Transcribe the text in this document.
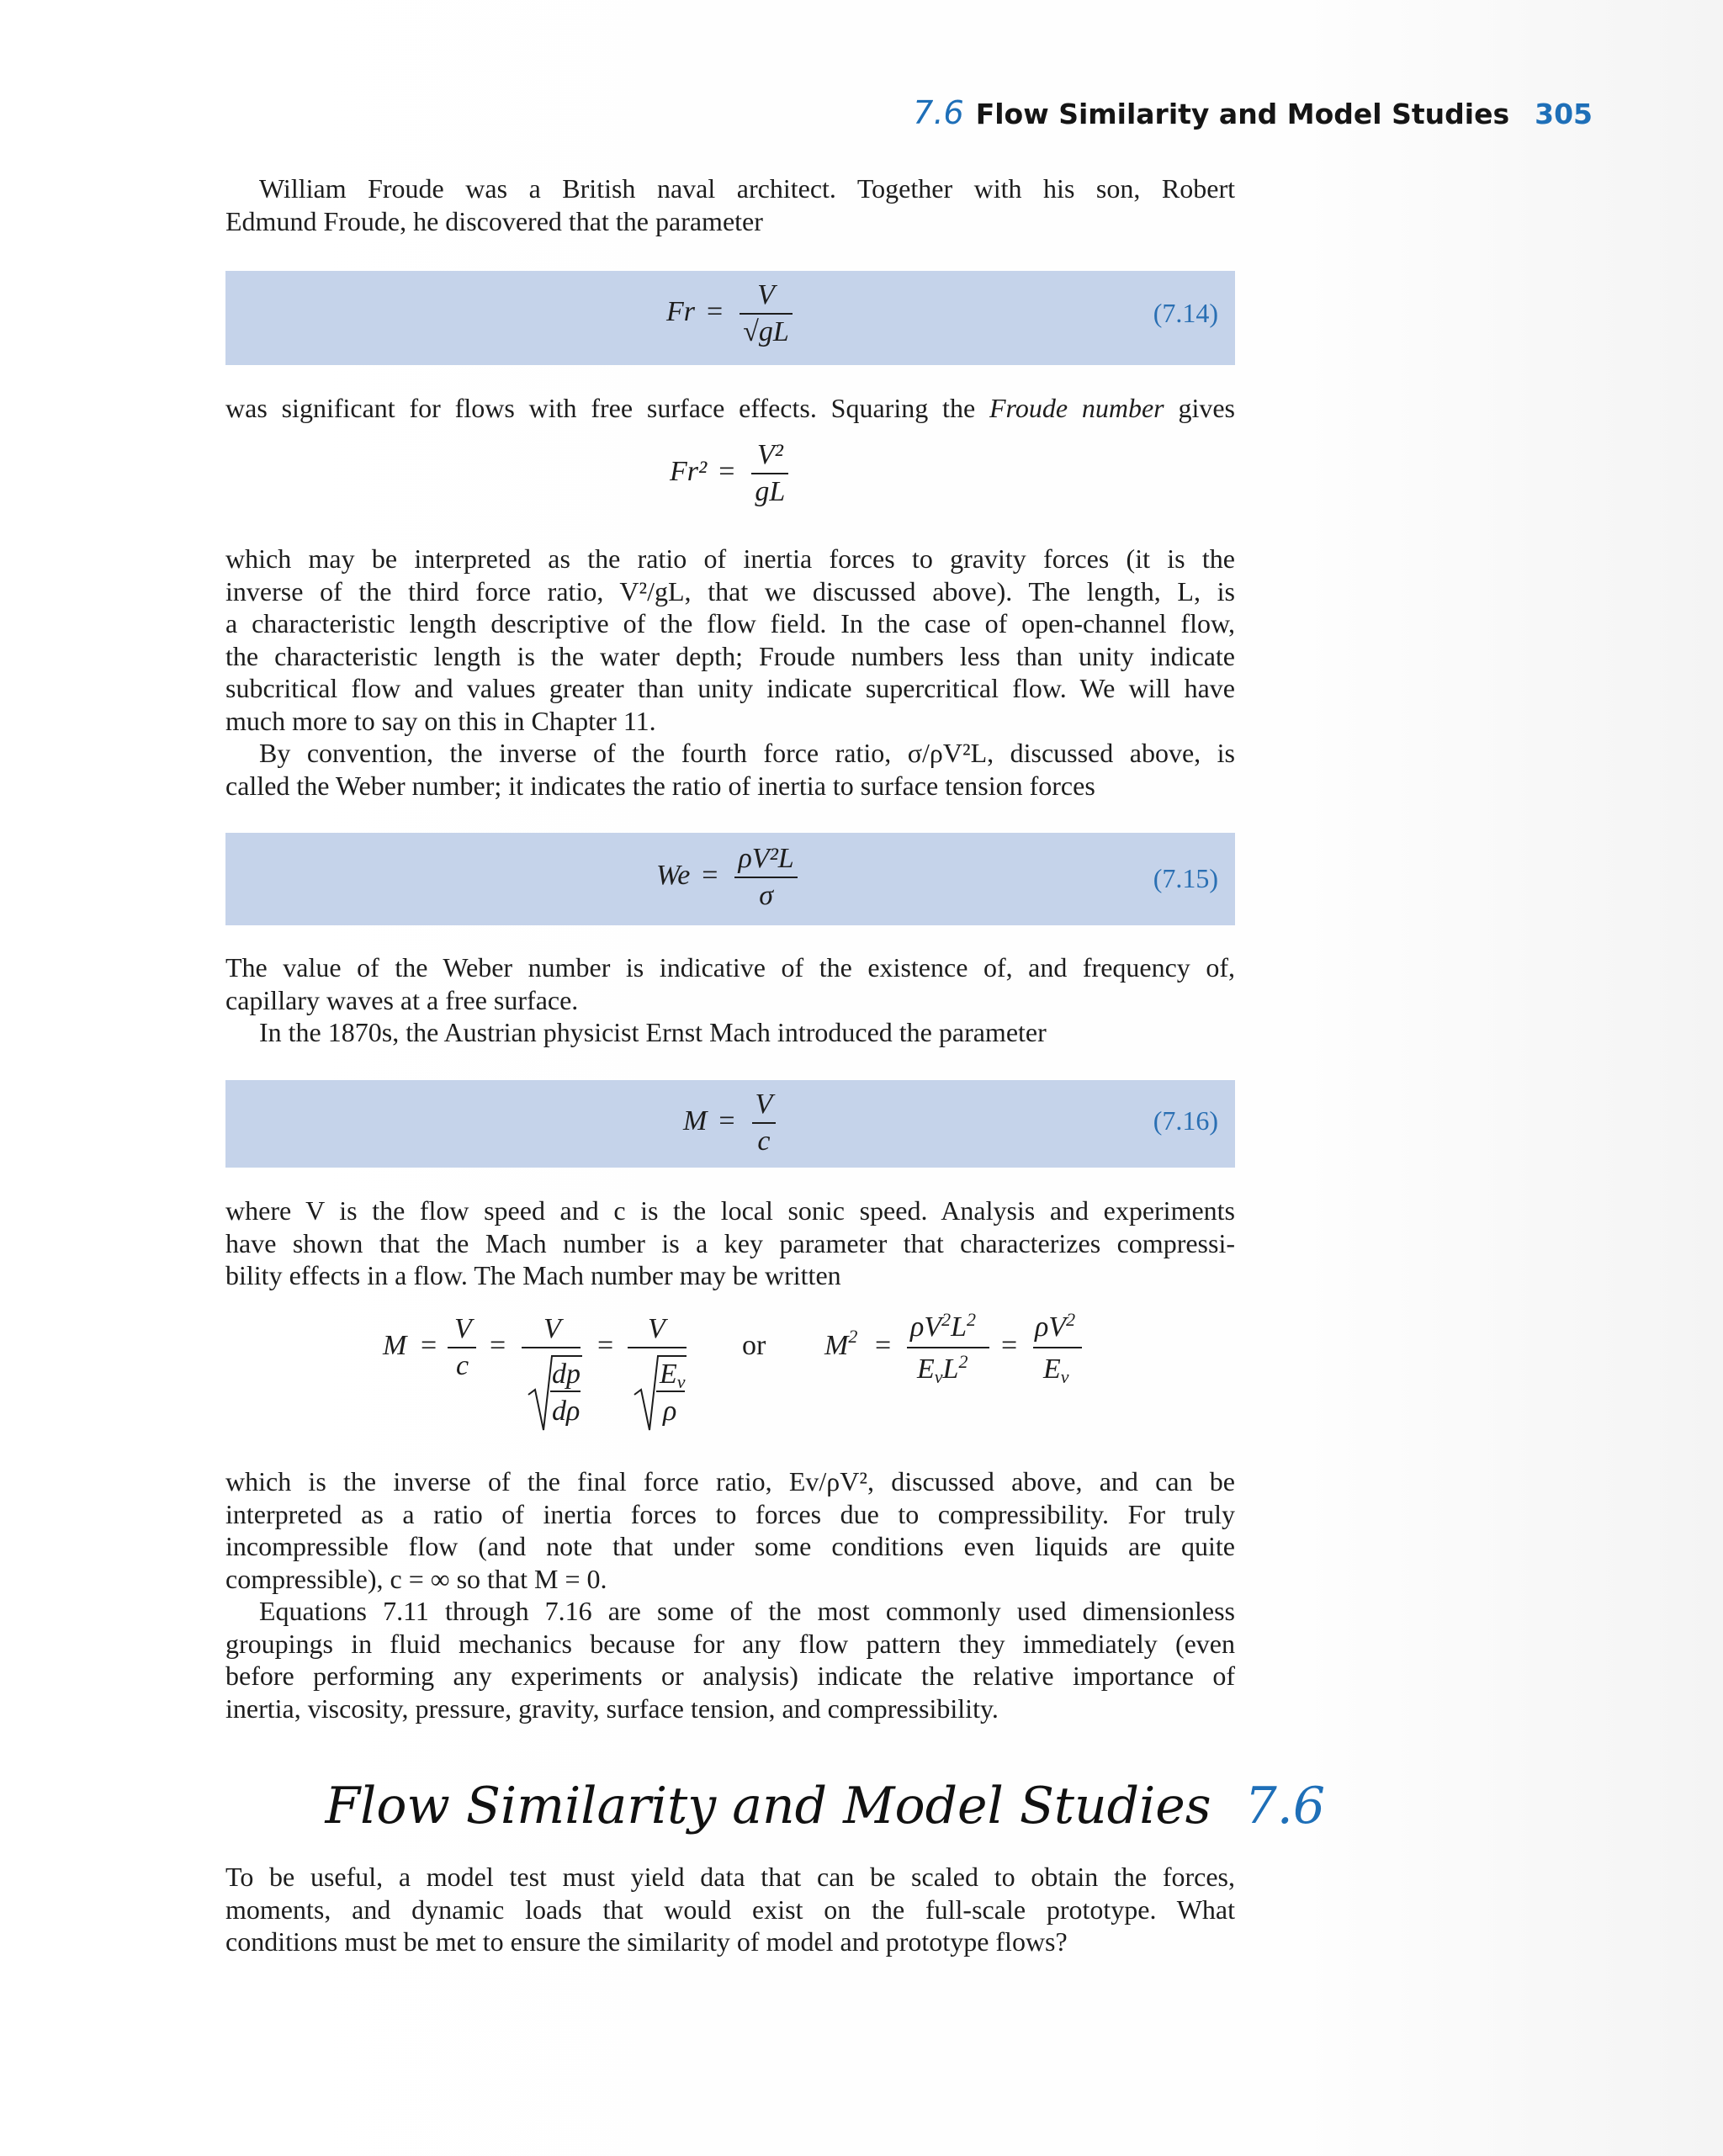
7.6 Flow Similarity and Model Studies 305

William Froude was a British naval architect. Together with his son, Robert
Edmund Froude, he discovered that the parameter

$Fr = \frac{V}{√gL}$	(7.14)

was significant for flows with free surface effects. Squaring the Froude number gives

$Fr^2 = \frac{\text{V²}}{gL}$

which may be interpreted as the ratio of inertia forces to gravity forces (it is the
inverse of the third force ratio, V²/gL, that we discussed above). The length, L, is
a characteristic length descriptive of the flow field. In the case of open-channel flow,
the characteristic length is the water depth; Froude numbers less than unity indicate
subcritical flow and values greater than unity indicate supercritical flow. We will have
much more to say on this in Chapter 11.

By convention, the inverse of the fourth force ratio, σ/ρV²L, discussed above, is
called the Weber number; it indicates the ratio of inertia to surface tension forces

$We = \frac{\text{ρV²L}}{\sigma}$	(7.15)

The value of the Weber number is indicative of the existence of, and frequency of,
capillary waves at a free surface.

In the 1870s, the Austrian physicist Ernst Mach introduced the parameter

$M = \frac{V}{c}$	(7.16)

where V is the flow speed and c is the local sonic speed. Analysis and experiments
have shown that the Mach number is a key parameter that characterizes compressi-
bility effects in a flow. The Mach number may be written

M =
V
c
=
V
dp
dρ
=
V
Ev
ρ
or $M^2$ =
$\rho V^2L^2$
EvL$^2$
=
$\rho V^2$
Ev

which is the inverse of the final force ratio, Ev/ρV², discussed above, and can be
interpreted as a ratio of inertia forces to forces due to compressibility. For truly
incompressible flow (and note that under some conditions even liquids are quite
compressible), c = ∞ so that M = 0.

Equations 7.11 through 7.16 are some of the most commonly used dimensionless
groupings in fluid mechanics because for any flow pattern they immediately (even
before performing any experiments or analysis) indicate the relative importance of
inertia, viscosity, pressure, gravity, surface tension, and compressibility.

Flow Similarity and Model Studies 7.6

To be useful, a model test must yield data that can be scaled to obtain the forces,
moments, and dynamic loads that would exist on the full-scale prototype. What
conditions must be met to ensure the similarity of model and prototype flows?
